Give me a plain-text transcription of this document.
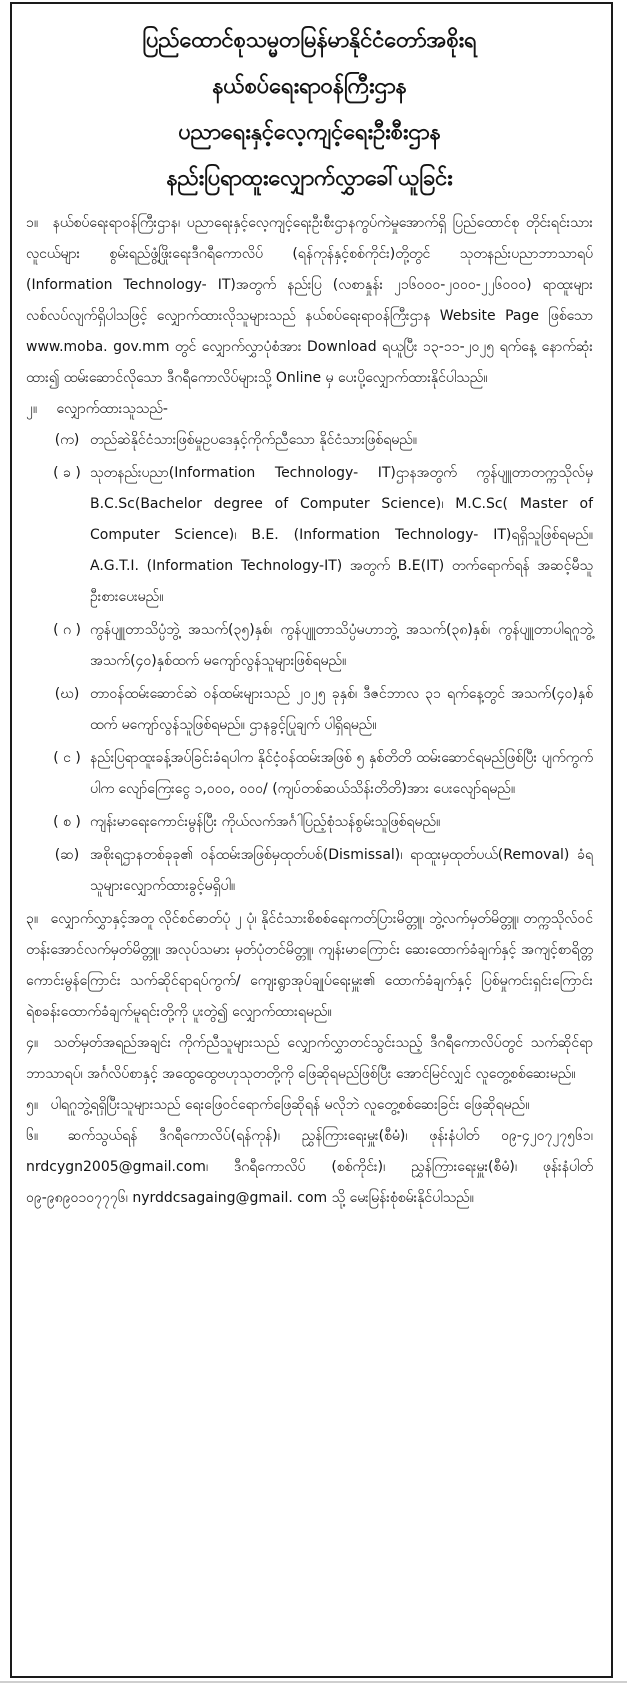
ပြည်ထောင်စုသမ္မတမြန်မာနိုင်ငံတော်အစိုးရ
နယ်စပ်ရေးရာဝန်ကြီးဌာန
ပညာရေးနှင့်လေ့ကျင့်ရေးဦးစီးဌာန
နည်းပြရာထူးလျှောက်လွှာခေါ်ယူခြင်း

၁။ နယ်စပ်ရေးရာဝန်ကြီးဌာန၊ ပညာရေးနှင့်လေ့ကျင့်ရေးဦးစီးဌာနကွပ်ကဲမှုအောက်ရှိ ပြည်ထောင်စု တိုင်းရင်းသားလူငယ်များ စွမ်းရည်ဖွံ့ဖြိုးရေးဒီဂရီကောလိပ် (ရန်ကုန်နှင့်စစ်ကိုင်း)တို့တွင် သုတနည်းပညာဘာသာရပ် (Information Technology- IT)အတွက် နည်းပြ (လစာနှုန်း ၂၁၆၀၀၀-၂၀၀၀-၂၂၆၀၀၀) ရာထူးများ လစ်လပ်လျက်ရှိပါသဖြင့် လျှောက်ထားလိုသူများသည် နယ်စပ်ရေးရာဝန်ကြီးဌာန Website Page ဖြစ်သော www.moba. gov.mm တွင် လျှောက်လွှာပုံစံအား Download ရယူပြီး ၁၃-၁၁-၂၀၂၅ ရက်နေ့ နောက်ဆုံးထား၍ ထမ်းဆောင်လိုသော ဒီဂရီကောလိပ်များသို့ Online မှ ပေးပို့လျှောက်ထားနိုင်ပါသည်။

၂။ လျှောက်ထားသူသည်-

(က) တည်ဆဲနိုင်ငံသားဖြစ်မှုဥပဒေနှင့်ကိုက်ညီသော နိုင်ငံသားဖြစ်ရမည်။
( ခ ) သုတနည်းပညာ(Information Technology- IT)ဌာနအတွက် ကွန်ပျူတာတက္ကသိုလ်မှ B.C.Sc(Bachelor degree of Computer Science)၊ M.C.Sc( Master of Computer Science)၊ B.E. (Information Technology- IT)ရရှိသူဖြစ်ရမည်။ A.G.T.I. (Information Technology-IT) အတွက် B.E(IT) တက်ရောက်ရန် အဆင့်မီသူ ဦးစားပေးမည်။
( ဂ ) ကွန်ပျူတာသိပ္ပံဘွဲ့ အသက်(၃၅)နှစ်၊ ကွန်ပျူတာသိပ္ပံမဟာဘွဲ့ အသက်(၃၈)နှစ်၊ ကွန်ပျူတာပါရဂူဘွဲ့ အသက်(၄၀)နှစ်ထက် မကျော်လွန်သူများဖြစ်ရမည်။
(ဃ) တာဝန်ထမ်းဆောင်ဆဲ ဝန်ထမ်းများသည် ၂၀၂၅ ခုနှစ်၊ ဒီဇင်ဘာလ ၃၁ ရက်နေ့တွင် အသက်(၄၀)နှစ်ထက် မကျော်လွန်သူဖြစ်ရမည်။ ဌာနခွင့်ပြုချက် ပါရှိရမည်။
( င ) နည်းပြရာထူးခန့်အပ်ခြင်းခံရပါက နိုင်ငံ့ဝန်ထမ်းအဖြစ် ၅ နှစ်တိတိ ထမ်းဆောင်ရမည်ဖြစ်ပြီး ပျက်ကွက်ပါက လျော်ကြေးငွေ ၁,၀၀၀, ၀၀၀/ (ကျပ်တစ်ဆယ်သိန်းတိတိ)အား ပေးလျော်ရမည်။
( စ ) ကျန်းမာရေးကောင်းမွန်ပြီး ကိုယ်လက်အင်္ဂါပြည့်စုံသန်စွမ်းသူဖြစ်ရမည်။
(ဆ) အစိုးရဌာနတစ်ခုခု၏ ဝန်ထမ်းအဖြစ်မှထုတ်ပစ်(Dismissal)၊ ရာထူးမှထုတ်ပယ်(Removal) ခံရသူများလျှောက်ထားခွင့်မရှိပါ။

၃။ လျှောက်လွှာနှင့်အတူ လိုင်စင်ဓာတ်ပုံ ၂ ပုံ၊ နိုင်ငံသားစိစစ်ရေးကတ်ပြားမိတ္တူ၊ ဘွဲ့လက်မှတ်မိတ္တူ၊ တက္ကသိုလ်ဝင်တန်းအောင်လက်မှတ်မိတ္တူ၊ အလုပ်သမား မှတ်ပုံတင်မိတ္တူ၊ ကျန်းမာကြောင်း ဆေးထောက်ခံချက်နှင့် အကျင့်စာရိတ္တကောင်းမွန်ကြောင်း သက်ဆိုင်ရာရပ်ကွက်/ ကျေးရွာအုပ်ချုပ်ရေးမှူး၏ ထောက်ခံချက်နှင့် ပြစ်မှုကင်းရှင်းကြောင်း ရဲစခန်းထောက်ခံချက်မူရင်းတို့ကို ပူးတွဲ၍ လျှောက်ထားရမည်။

၄။ သတ်မှတ်အရည်အချင်း ကိုက်ညီသူများသည် လျှောက်လွှာတင်သွင်းသည့် ဒီဂရီကောလိပ်တွင် သက်ဆိုင်ရာဘာသာရပ်၊ အင်္ဂလိပ်စာနှင့် အထွေထွေဗဟုသုတတို့ကို ဖြေဆိုရမည်ဖြစ်ပြီး အောင်မြင်လျှင် လူတွေ့စစ်ဆေးမည်။

၅။ ပါရဂူဘွဲ့ရရှိပြီးသူများသည် ရေးဖြေဝင်ရောက်ဖြေဆိုရန် မလိုဘဲ လူတွေ့စစ်ဆေးခြင်း ဖြေဆိုရမည်။

၆။ ဆက်သွယ်ရန် ဒီဂရီကောလိပ်(ရန်ကုန်)၊ ညွှန်ကြားရေးမှူး(စီမံ)၊ ဖုန်းနံပါတ် ၀၉-၄၂၀၇၂၇၅၆၁၊ nrdcygn2005@gmail.com၊ ဒီဂရီကောလိပ် (စစ်ကိုင်း)၊ ညွှန်ကြားရေးမှူး(စီမံ)၊ ဖုန်းနံပါတ် ၀၉-၉၈၉၀၁၀၇၇၇၆၊ nyrddcsagaing@gmail. com သို့ မေးမြန်းစုံစမ်းနိုင်ပါသည်။
